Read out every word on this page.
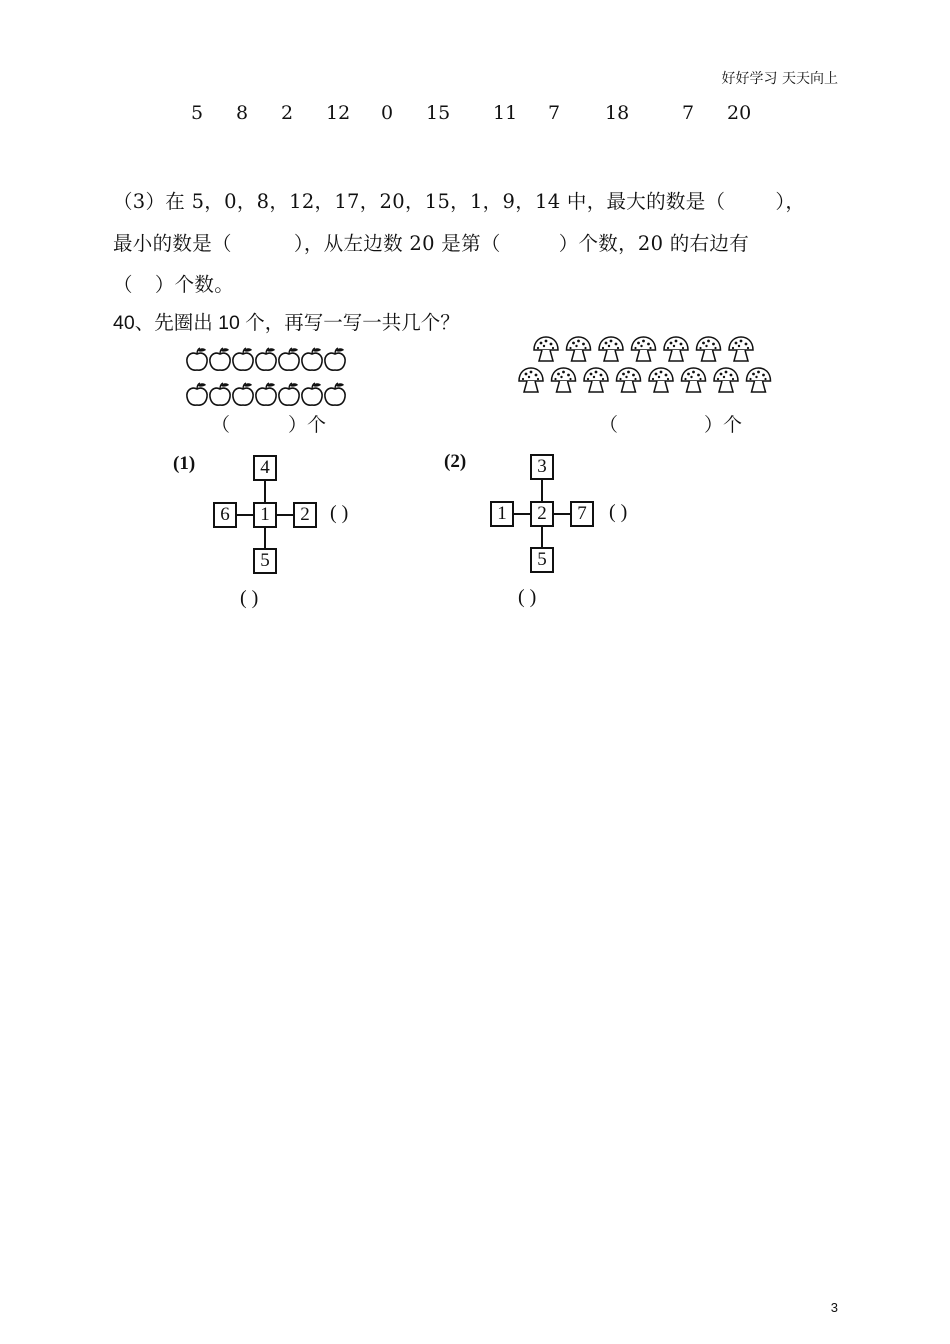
好好学习 天天向上
5 8 2 12 0 15 11 7 18	7 20
（3）在 5，0，8，12，17，20，15，1，9，14 中，最大的数是（	），
最小的数是（	），从左边数 20 是第（	）个数，20 的右边有
（ ）个数。
40、先圈出 10 个，再写一写一共几个？
（	）个	（	）个
(1)	4
6	1	2
5
( )
( )
(2)	3
1	2	7
5
( )
( )
3
